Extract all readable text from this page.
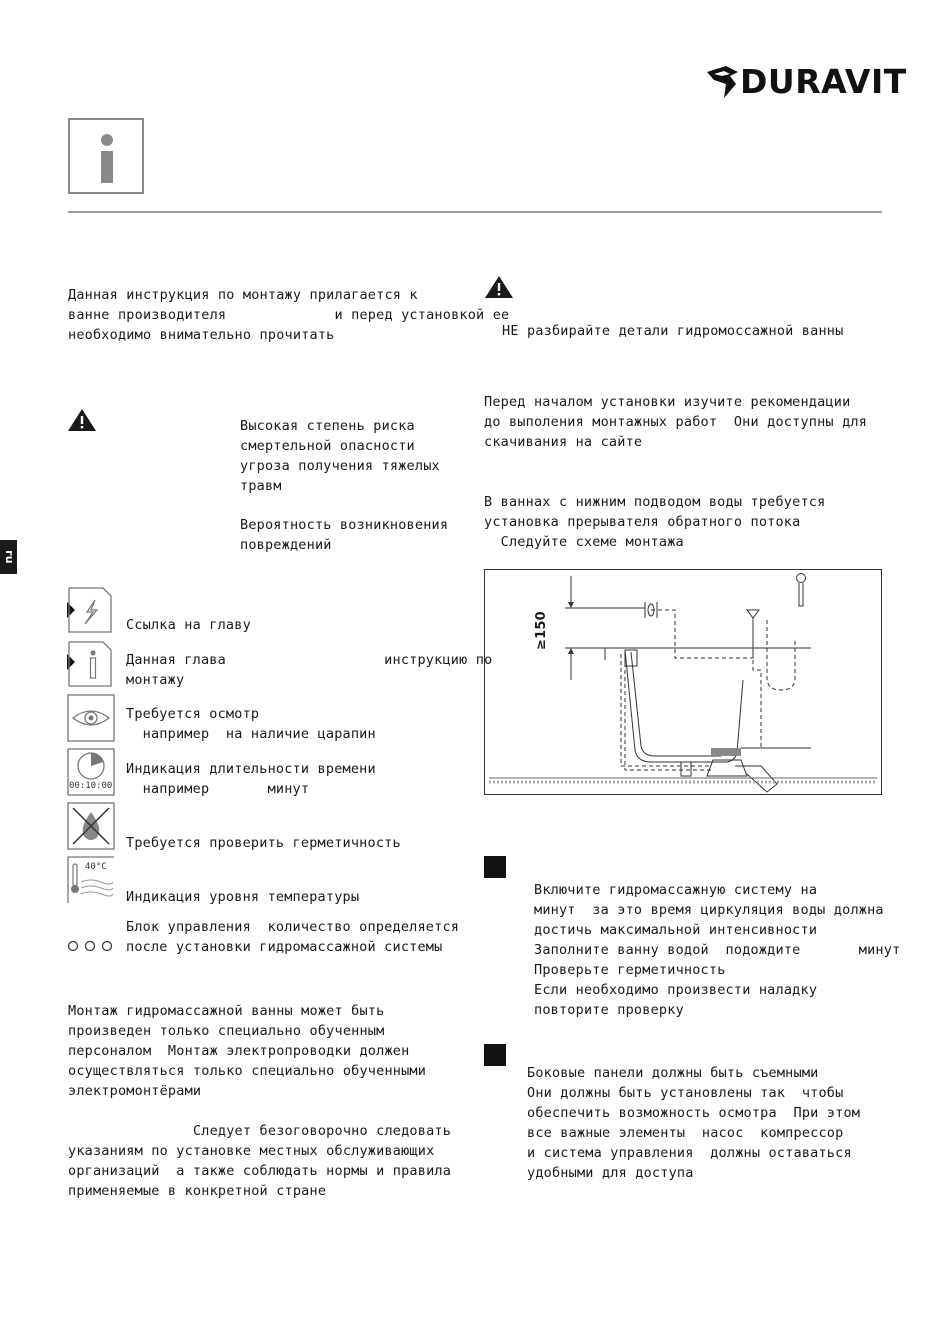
DURAVIT
ru
Данная инструкция по монтажу прилагается к
ванне производителя             и перед установкой ее
необходимо внимательно прочитать
Высокая степень риска
смертельной опасности
угроза получения тяжелых
травм
Вероятность возникновения
повреждений
Ссылка на главу
Данная глава                   инструкцию по
монтажу
Требуется осмотр
например  на наличие царапин
00:10:00
Индикация длительности времени
например       минут
Требуется проверить герметичность
40°C
Индикация уровня температуры
Блок управления  количество определяется
после установки гидромассажной системы
Монтаж гидромассажной ванны может быть
произведен только специально обученным
персоналом  Монтаж электропроводки должен
осуществляться только специально обученными
электромонтёрами
Следует безоговорочно следовать
указаниям по установке местных обслуживающих
организаций  а также соблюдать нормы и правила
применяемые в конкретной стране
НЕ разбирайте детали гидромоссажной ванны
Перед началом установки изучите рекомендации
до выполения монтажных работ  Они доступны для
скачивания на сайте
В ваннах с нижним подводом воды требуется
установка прерывателя обратного потока
Следуйте схеме монтажа
≥150
Включите гидромассажную систему на
минут  за это время циркуляция воды должна
достичь максимальной интенсивности
Заполните ванну водой  подождите       минут
Проверьте герметичность
Если необходимо произвести наладку
повторите проверку
Боковые панели должны быть съемными
Они должны быть установлены так  чтобы
обеспечить возможность осмотра  При этом
все важные элементы  насос  компрессор
и система управления  должны оставаться
удобными для доступа
